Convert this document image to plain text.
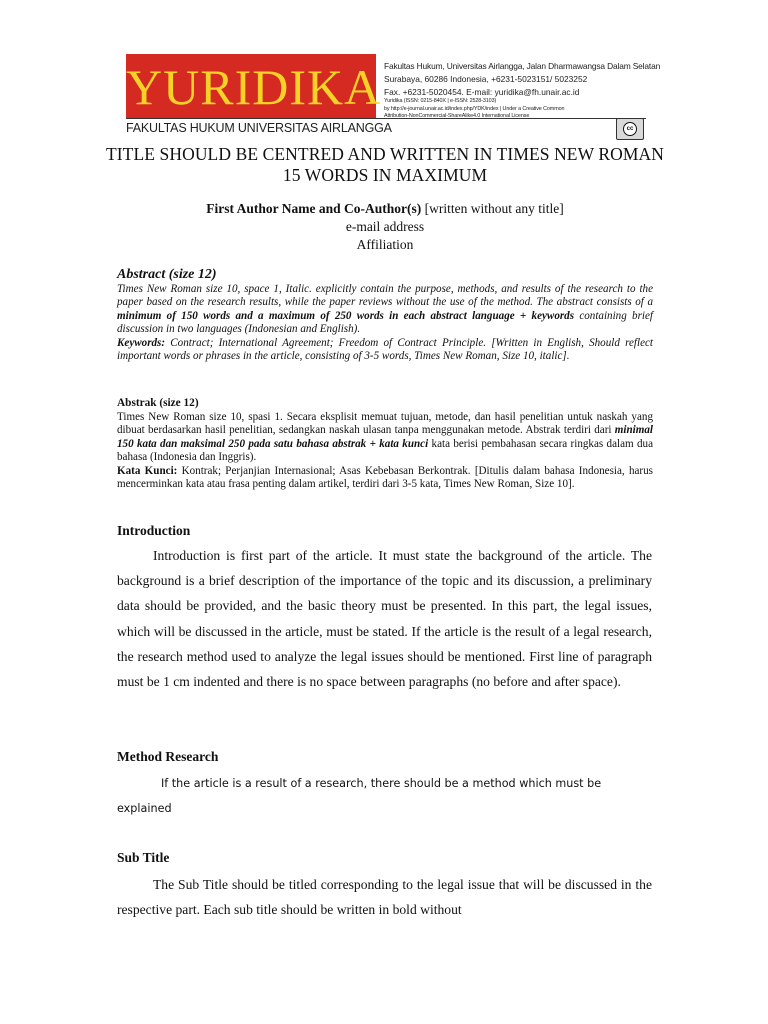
YURIDIKA
FAKULTAS HUKUM UNIVERSITAS AIRLANGGA
Fakultas Hukum, Universitas Airlangga, Jalan Dharmawangsa Dalam Selatan
Surabaya, 60286 Indonesia, +6231-5023151/ 5023252
Fax. +6231-5020454. E-mail: yuridika@fh.unair.ac.id
Yuridika (ISSN: 0215-840X | e-ISSN: 2528-3103)
by http://e-journal.unair.ac.id/index.php/YDK/index | Under a Creative Common
Attribution-NonCommercial-ShareAlike4.0 International License
cc
TITLE SHOULD BE CENTRED AND WRITTEN IN TIMES NEW ROMAN 15 WORDS IN MAXIMUM
First Author Name and Co-Author(s) [written without any title]
e-mail address
Affiliation
Abstract (size 12)
Times New Roman size 10, space 1, Italic. explicitly contain the purpose, methods, and results of the research to the paper based on the research results, while the paper reviews without the use of the method. The abstract consists of a minimum of 150 words and a maximum of 250 words in each abstract language + keywords containing brief discussion in two languages (Indonesian and English).
Keywords: Contract; International Agreement; Freedom of Contract Principle. [Written in English, Should reflect important words or phrases in the article, consisting of 3-5 words, Times New Roman, Size 10, italic].
Abstrak (size 12)
Times New Roman size 10, spasi 1. Secara eksplisit memuat tujuan, metode, dan hasil penelitian untuk naskah yang dibuat berdasarkan hasil penelitian, sedangkan naskah ulasan tanpa menggunakan metode. Abstrak terdiri dari minimal 150 kata dan maksimal 250 pada satu bahasa abstrak + kata kunci kata berisi pembahasan secara ringkas dalam dua bahasa (Indonesia dan Inggris).
Kata Kunci: Kontrak; Perjanjian Internasional; Asas Kebebasan Berkontrak. [Ditulis dalam bahasa Indonesia, harus mencerminkan kata atau frasa penting dalam artikel, terdiri dari 3-5 kata, Times New Roman, Size 10].
Introduction
Introduction is first part of the article. It must state the background of the article. The background is a brief description of the importance of the topic and its discussion, a preliminary data should be provided, and the basic theory must be presented. In this part, the legal issues, which will be discussed in the article, must be stated. If the article is the result of a legal research, the research method used to analyze the legal issues should be mentioned. First line of paragraph must be 1 cm indented and there is no space between paragraphs (no before and after space).
Method Research
If the article is a result of a research, there should be a method which must be explained
Sub Title
The Sub Title should be titled corresponding to the legal issue that will be discussed in the respective part. Each sub title should be written in bold without
